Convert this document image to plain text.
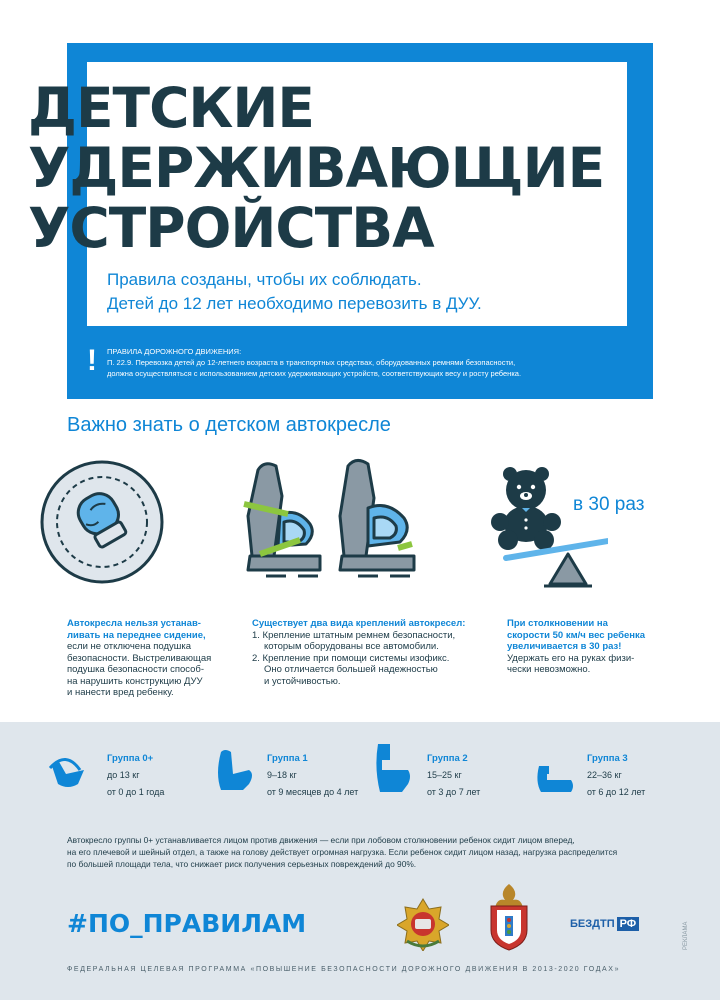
ДЕТСКИЕ
УДЕРЖИВАЮЩИЕ
УСТРОЙСТВА
Правила созданы, чтобы их соблюдать.
Детей до 12 лет необходимо перевозить в ДУУ.
! ПРАВИЛА ДОРОЖНОГО ДВИЖЕНИЯ:
П. 22.9. Перевозка детей до 12-летнего возраста в транспортных средствах, оборудованных ремнями безопасности,
должна осуществляться с использованием детских удерживающих устройств, соответствующих весу и росту ребенка.
Важно знать о детском автокресле
в 30 раз
Автокресла нельзя устанав-
ливать на переднее сидение,
если не отключена подушка
безопасности. Выстреливающая
подушка безопасности способ-
на нарушить конструкцию ДУУ
и нанести вред ребенку.
Существует два вида креплений автокресел:
1. Крепление штатным ремнем безопасности,
которым оборудованы все автомобили.
2. Крепление при помощи системы изофикс.
Оно отличается большей надежностью
и устойчивостью.
При столкновении на
скорости 50 км/ч вес ребенка
увеличивается в 30 раз!
Удержать его на руках физи-
чески невозможно.
Группа 0+
до 13 кг
от 0 до 1 года
Группа 1
9–18 кг
от 9 месяцев до 4 лет
Группа 2
15–25 кг
от 3 до 7 лет
Группа 3
22–36 кг
от 6 до 12 лет
Автокресло группы 0+ устанавливается лицом против движения — если при лобовом столкновении ребенок сидит лицом вперед,
на его плечевой и шейный отдел, а также на голову действует огромная нагрузка. Если ребенок сидит лицом назад, нагрузка распределится
по большей площади тела, что снижает риск получения серьезных повреждений до 90%.
#ПО_ПРАВИЛАМ	БЕЗДТП РФ	РЕКЛАМА
ФЕДЕРАЛЬНАЯ ЦЕЛЕВАЯ ПРОГРАММА «ПОВЫШЕНИЕ БЕЗОПАСНОСТИ ДОРОЖНОГО ДВИЖЕНИЯ В 2013-2020 ГОДАХ»
